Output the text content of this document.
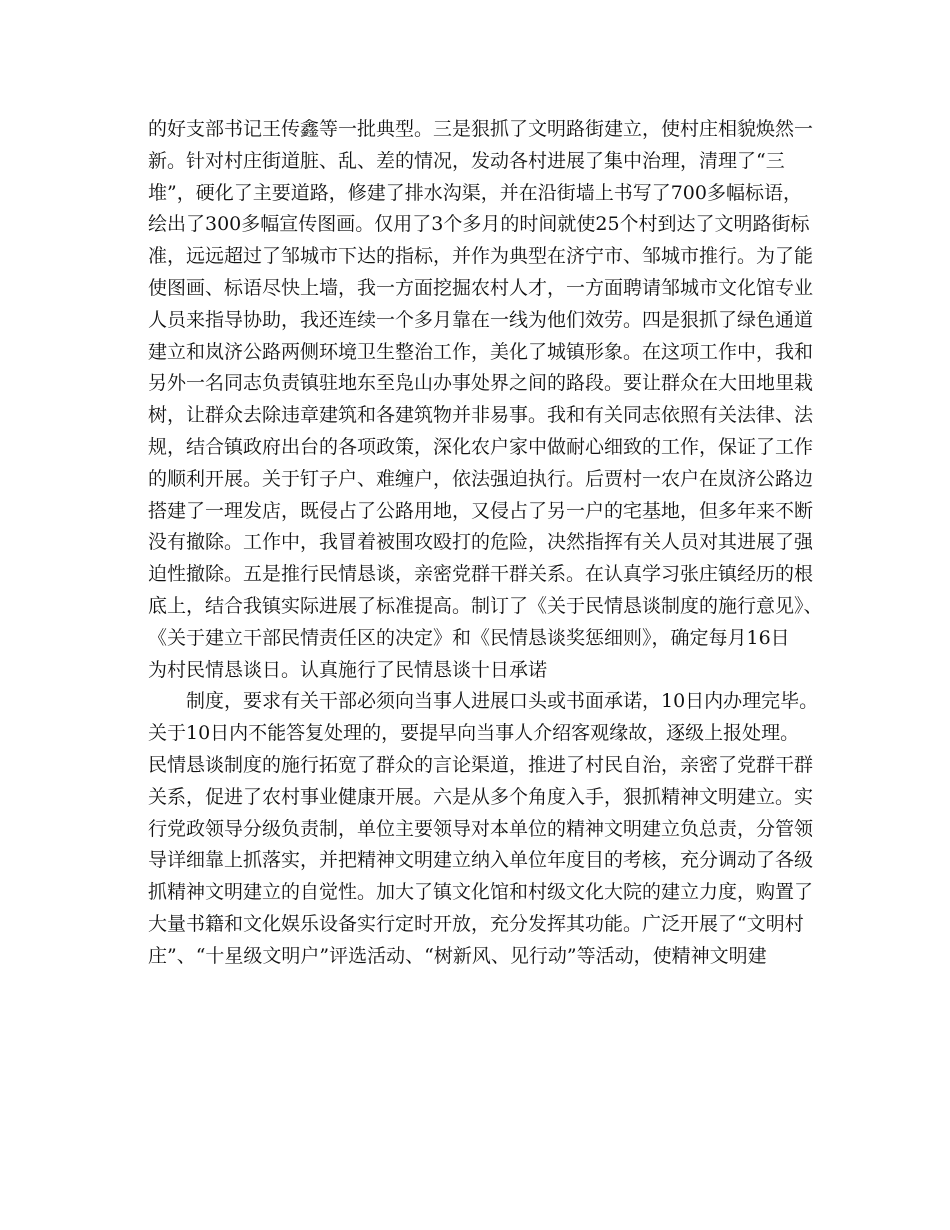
的好支部书记王传鑫等一批典型。三是狠抓了文明路街建立，使村庄相貌焕然一
新。针对村庄街道脏、乱、差的情况，发动各村进展了集中治理，清理了“三
堆”，硬化了主要道路，修建了排水沟渠，并在沿街墙上书写了700多幅标语，
绘出了300多幅宣传图画。仅用了3个多月的时间就使25个村到达了文明路街标
准，远远超过了邹城市下达的指标，并作为典型在济宁市、邹城市推行。为了能
使图画、标语尽快上墙，我一方面挖掘农村人才，一方面聘请邹城市文化馆专业
人员来指导协助，我还连续一个多月靠在一线为他们效劳。四是狠抓了绿色通道
建立和岚济公路两侧环境卫生整治工作，美化了城镇形象。在这项工作中，我和
另外一名同志负责镇驻地东至凫山办事处界之间的路段。要让群众在大田地里栽
树，让群众去除违章建筑和各建筑物并非易事。我和有关同志依照有关法律、法
规，结合镇政府出台的各项政策，深化农户家中做耐心细致的工作，保证了工作
的顺利开展。关于钉子户、难缠户，依法强迫执行。后贾村一农户在岚济公路边
搭建了一理发店，既侵占了公路用地，又侵占了另一户的宅基地，但多年来不断
没有撤除。工作中，我冒着被围攻殴打的危险，决然指挥有关人员对其进展了强
迫性撤除。五是推行民情恳谈，亲密党群干群关系。在认真学习张庄镇经历的根
底上，结合我镇实际进展了标准提高。制订了《关于民情恳谈制度的施行意见》、
《关于建立干部民情责任区的决定》和《民情恳谈奖惩细则》，确定每月16日
为村民情恳谈日。认真施行了民情恳谈十日承诺
制度，要求有关干部必须向当事人进展口头或书面承诺，10日内办理完毕。
关于10日内不能答复处理的，要提早向当事人介绍客观缘故，逐级上报处理。
民情恳谈制度的施行拓宽了群众的言论渠道，推进了村民自治，亲密了党群干群
关系，促进了农村事业健康开展。六是从多个角度入手，狠抓精神文明建立。实
行党政领导分级负责制，单位主要领导对本单位的精神文明建立负总责，分管领
导详细靠上抓落实，并把精神文明建立纳入单位年度目的考核，充分调动了各级
抓精神文明建立的自觉性。加大了镇文化馆和村级文化大院的建立力度，购置了
大量书籍和文化娱乐设备实行定时开放，充分发挥其功能。广泛开展了“文明村
庄”、“十星级文明户”评选活动、“树新风、见行动”等活动，使精神文明建
